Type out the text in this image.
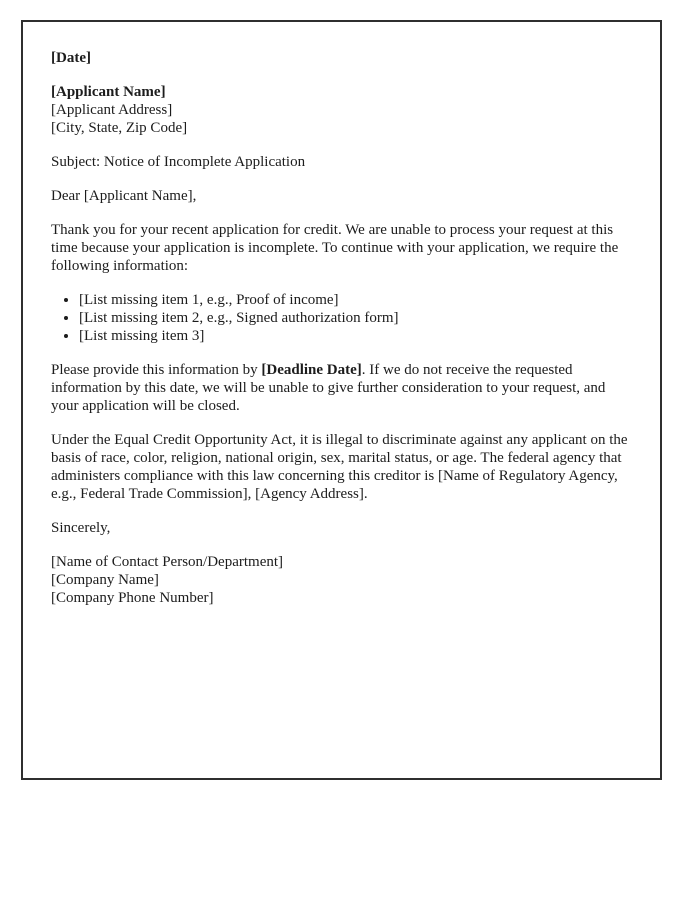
[Date]

[Applicant Name]
[Applicant Address]
[City, State, Zip Code]

Subject: Notice of Incomplete Application

Dear [Applicant Name],

Thank you for your recent application for credit. We are unable to process your request at this time because your application is incomplete. To continue with your application, we require the following information:

• [List missing item 1, e.g., Proof of income]
• [List missing item 2, e.g., Signed authorization form]
• [List missing item 3]

Please provide this information by [Deadline Date]. If we do not receive the requested information by this date, we will be unable to give further consideration to your request, and your application will be closed.

Under the Equal Credit Opportunity Act, it is illegal to discriminate against any applicant on the basis of race, color, religion, national origin, sex, marital status, or age. The federal agency that administers compliance with this law concerning this creditor is [Name of Regulatory Agency, e.g., Federal Trade Commission], [Agency Address].

Sincerely,

[Name of Contact Person/Department]
[Company Name]
[Company Phone Number]
